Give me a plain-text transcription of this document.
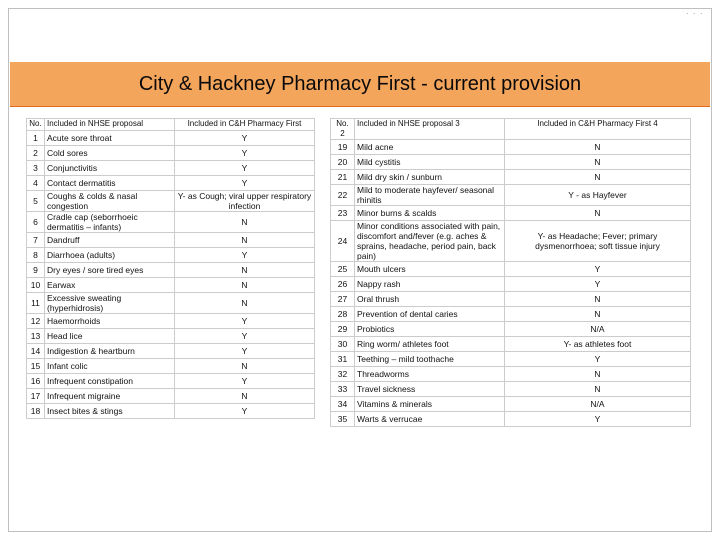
. . .
City & Hackney Pharmacy First - current provision
No.	Included in NHSE proposal	Included in C&H Pharmacy First
1	Acute sore throat	Y
2	Cold sores	Y
3	Conjunctivitis	Y
4	Contact dermatitis	Y
5	Coughs & colds & nasal congestion	Y- as Cough; viral upper respiratory infection
6	Cradle cap (seborrhoeic dermatitis – infants)	N
7	Dandruff	N
8	Diarrhoea (adults)	Y
9	Dry eyes / sore tired eyes	N
10	Earwax	N
11	Excessive sweating (hyperhidrosis)	N
12	Haemorrhoids	Y
13	Head lice	Y
14	Indigestion & heartburn	Y
15	Infant colic	N
16	Infrequent constipation	Y
17	Infrequent migraine	N
18	Insect bites & stings	Y
No. 2	Included in NHSE proposal 3	Included in C&H Pharmacy First 4
19	Mild acne	N
20	Mild cystitis	N
21	Mild dry skin / sunburn	N
22	Mild to moderate hayfever/ seasonal rhinitis	Y - as Hayfever
23	Minor burns & scalds	N
24	Minor conditions associated with pain, discomfort and/fever (e.g. aches & sprains, headache, period pain, back pain)	Y- as Headache; Fever; primary dysmenorrhoea; soft tissue injury
25	Mouth ulcers	Y
26	Nappy rash	Y
27	Oral thrush	N
28	Prevention of dental caries	N
29	Probiotics	N/A
30	Ring worm/ athletes foot	Y- as athletes foot
31	Teething – mild toothache	Y
32	Threadworms	N
33	Travel sickness	N
34	Vitamins & minerals	N/A
35	Warts & verrucae	Y
